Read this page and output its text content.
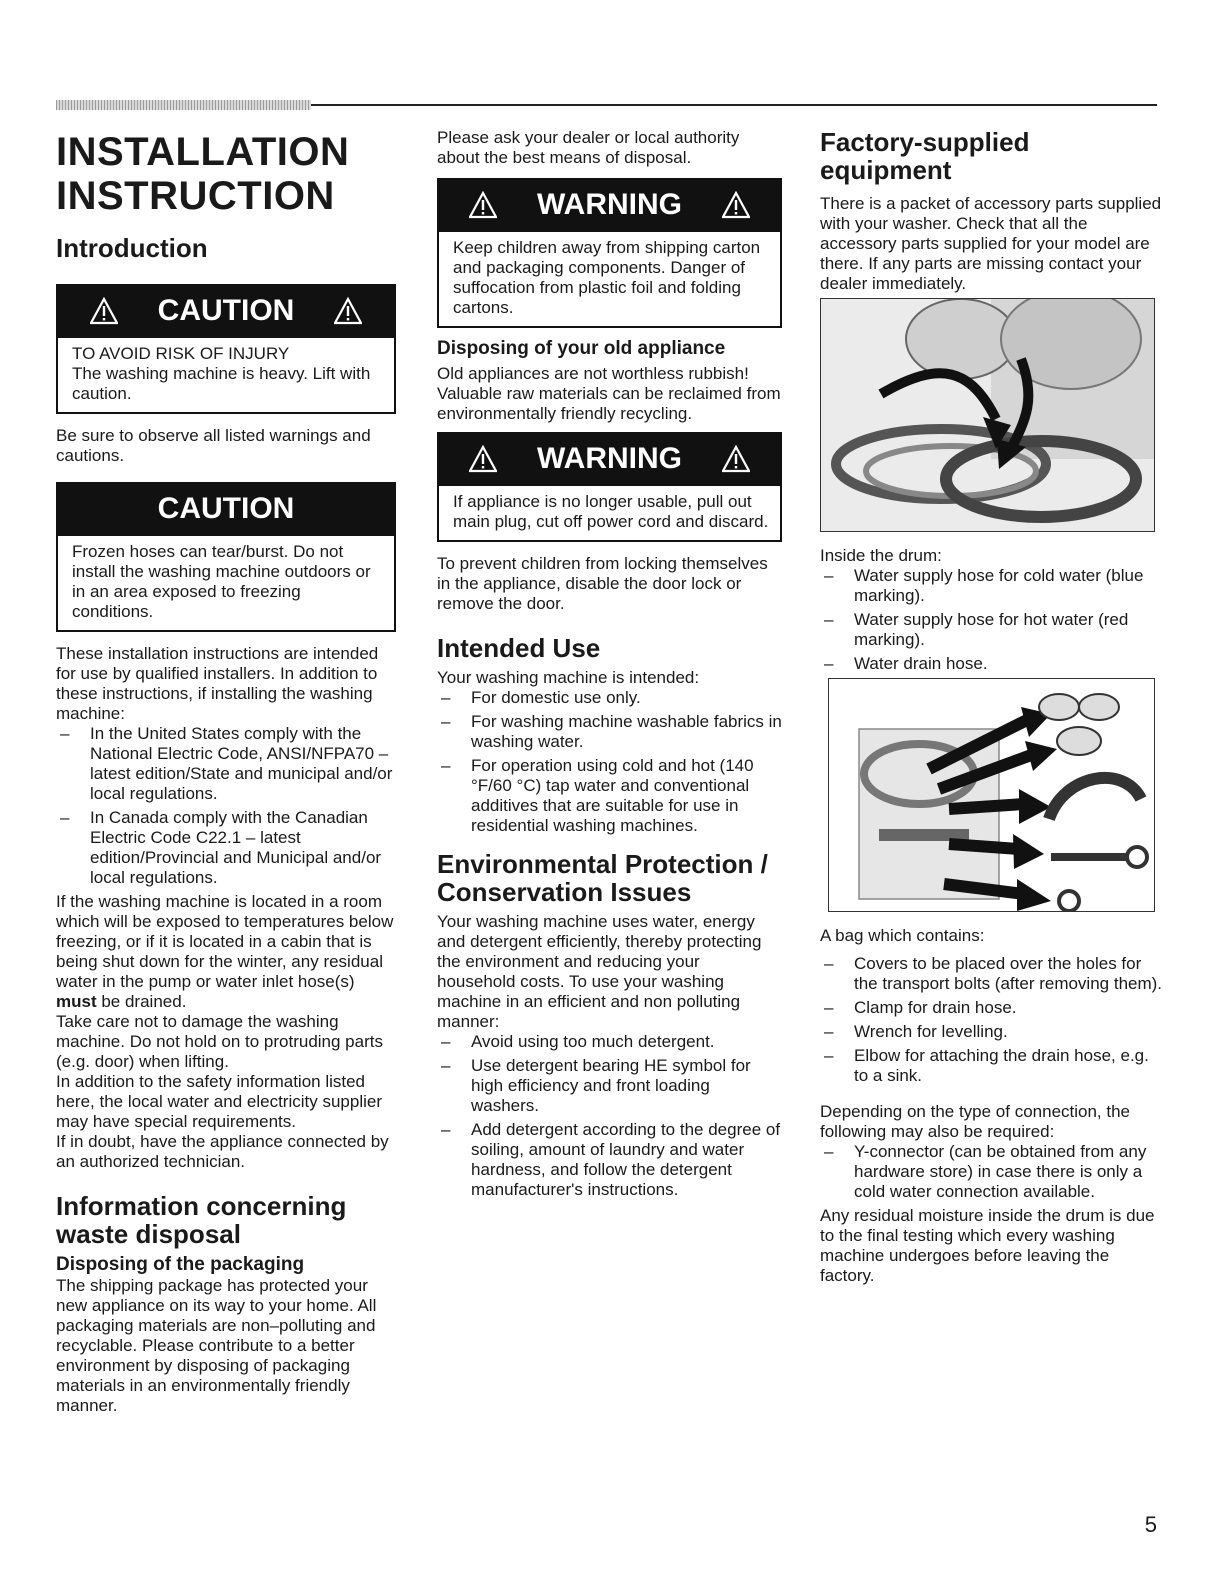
INSTALLATION
INSTRUCTION
Introduction
CAUTION
TO AVOID RISK OF INJURY
The washing machine is heavy. Lift with caution.

Be sure to observe all listed warnings and cautions.

CAUTION
Frozen hoses can tear/burst. Do not install the washing machine outdoors or in an area exposed to freezing conditions.

These installation instructions are intended for use by qualified installers. In addition to these instructions, if installing the washing machine:

– In the United States comply with the National Electric Code, ANSI/NFPA70 – latest edition/State and municipal and/or local regulations.
– In Canada comply with the Canadian Electric Code C22.1 – latest edition/Provincial and Municipal and/or local regulations.

If the washing machine is located in a room which will be exposed to temperatures below freezing, or if it is located in a cabin that is being shut down for the winter, any residual water in the pump or water inlet hose(s) must be drained.

Take care not to damage the washing machine. Do not hold on to protruding parts (e.g. door) when lifting.

In addition to the safety information listed here, the local water and electricity supplier may have special requirements.

If in doubt, have the appliance connected by an authorized technician.

Information concerning waste disposal
Disposing of the packaging

The shipping package has protected your new appliance on its way to your home. All packaging materials are non–polluting and recyclable. Please contribute to a better environment by disposing of packaging materials in an environmentally friendly manner.

Please ask your dealer or local authority about the best means of disposal.

WARNING
Keep children away from shipping carton and packaging components. Danger of suffocation from plastic foil and folding cartons.
Disposing of your old appliance

Old appliances are not worthless rubbish! Valuable raw materials can be reclaimed from environmentally friendly recycling.

WARNING
If appliance is no longer usable, pull out main plug, cut off power cord and discard.

To prevent children from locking themselves in the appliance, disable the door lock or remove the door.

Intended Use

Your washing machine is intended:

– For domestic use only.
– For washing machine washable fabrics in washing water.
– For operation using cold and hot (140 °F/60 °C) tap water and conventional additives that are suitable for use in residential washing machines.
Environmental Protection / Conservation Issues

Your washing machine uses water, energy and detergent efficiently, thereby protecting the environment and reducing your household costs. To use your washing machine in an efficient and non polluting manner:

– Avoid using too much detergent.
– Use detergent bearing HE symbol for high efficiency and front loading washers.
– Add detergent according to the degree of soiling, amount of laundry and water hardness, and follow the detergent manufacturer's instructions.
Factory-supplied equipment

There is a packet of accessory parts supplied with your washer. Check that all the accessory parts supplied for your model are there. If any parts are missing contact your dealer immediately.

Inside the drum:

– Water supply hose for cold water (blue marking).
– Water supply hose for hot water (red marking).
– Water drain hose.

A bag which contains:

– Covers to be placed over the holes for the transport bolts (after removing them).
– Clamp for drain hose.
– Wrench for levelling.
– Elbow for attaching the drain hose, e.g. to a sink.

Depending on the type of connection, the following may also be required:

– Y-connector (can be obtained from any hardware store) in case there is only a cold water connection available.

Any residual moisture inside the drum is due to the final testing which every washing machine undergoes before leaving the factory.

5
